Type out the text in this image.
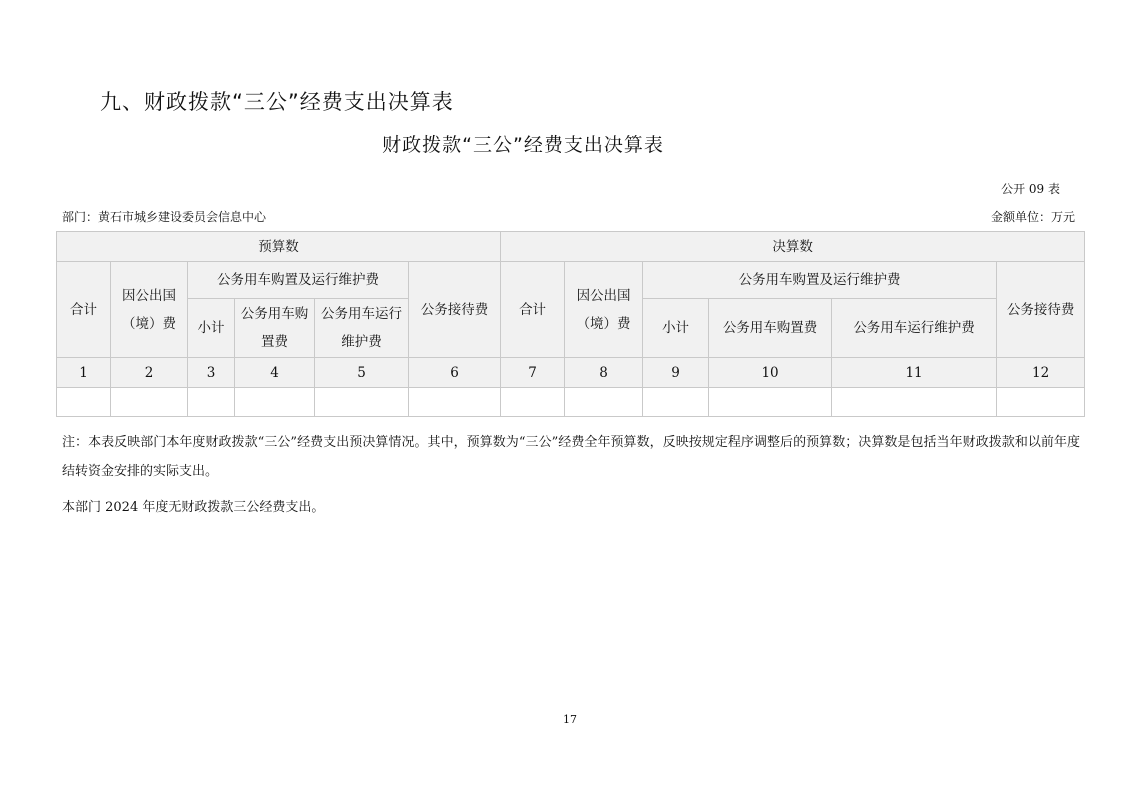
九、财政拨款“三公”经费支出决算表
财政拨款“三公”经费支出决算表
公开 09 表
部门：黄石市城乡建设委员会信息中心	金额单位：万元
预算数						决算数					
合计	因公出国（境）费	公务用车购置及运行维护费			公务接待费	合计	因公出国（境）费	公务用车购置及运行维护费			公务接待费
		小计	公务用车购置费	公务用车运行维护费				小计	公务用车购置费	公务用车运行维护费	
1	2	3	4	5	6	7	8	9	10	11	12

注：本表反映部门本年度财政拨款“三公”经费支出预决算情况。其中，预算数为“三公”经费全年预算数，反映按规定程序调整后的预算数；决算数是包括当年财政拨款和以前年度结转资金安排的实际支出。
本部门 2024 年度无财政拨款三公经费支出。
17
